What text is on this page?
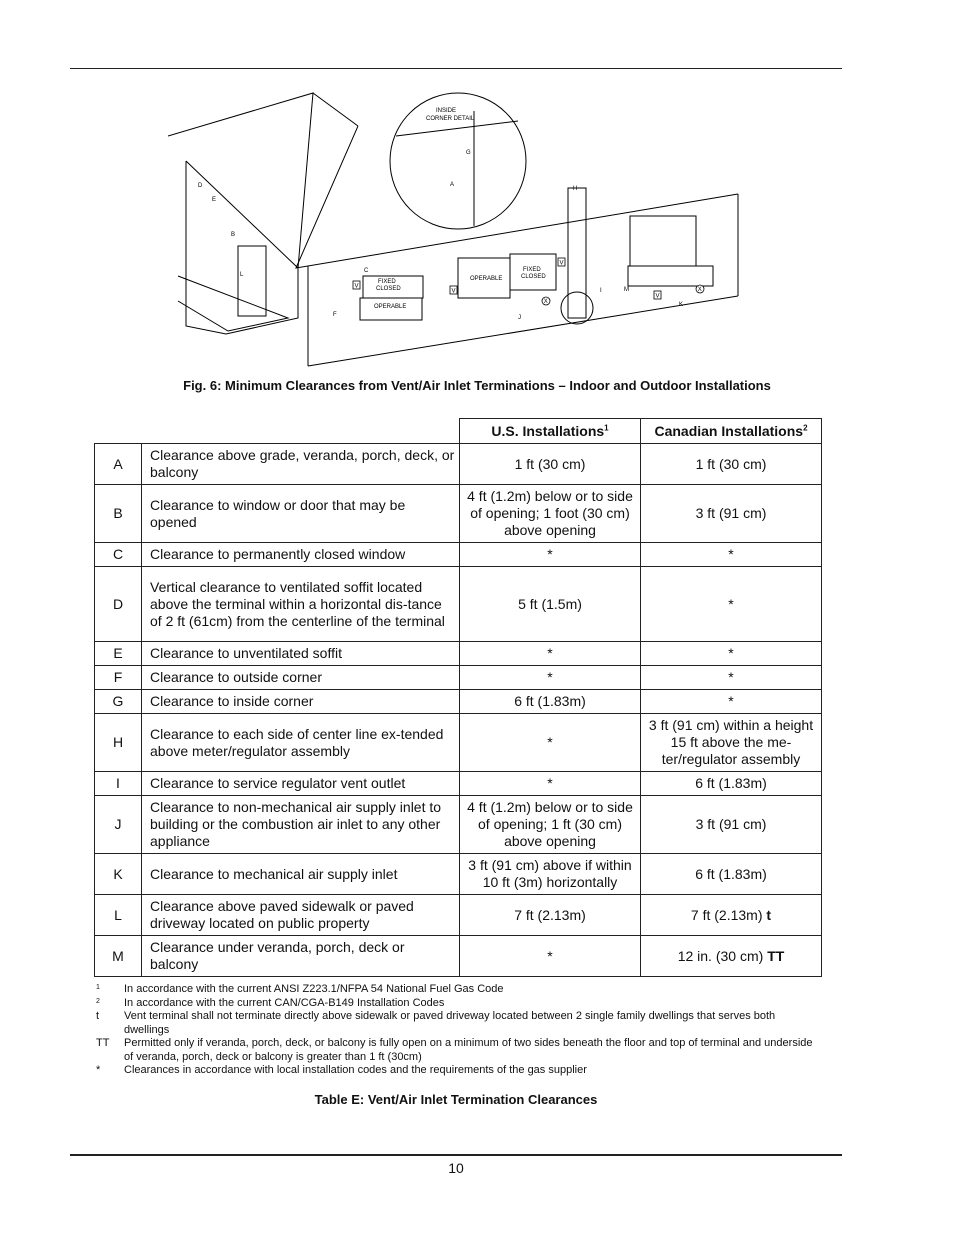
INSIDE
CORNER DETAIL
FIXED
CLOSED
OPERABLE
OPERABLE
FIXED
CLOSED
V
V
V
V
X
X
A
B
C
D
E
F
G
H
I
J
K
L
M
Fig. 6: Minimum Clearances from Vent/Air Inlet Terminations – Indoor and Outdoor Installations
		U.S. Installations$^1$	Canadian Installations$^2$
A	Clearance above grade, veranda, porch, deck, or balcony	1 ft (30 cm)	1 ft (30 cm)
B	Clearance to window or door that may be opened	4 ft (1.2m) below or to side of opening; 1 foot (30 cm) above opening	3 ft (91 cm)
C	Clearance to permanently closed window	*	*
D	Vertical clearance to ventilated soffit located above the terminal within a horizontal dis-tance of 2 ft (61cm) from the centerline of the terminal	5 ft (1.5m)	*
E	Clearance to unventilated soffit	*	*
F	Clearance to outside corner	*	*
G	Clearance to inside corner	6 ft (1.83m)	*
H	Clearance to each side of center line ex-tended above meter/regulator assembly	*	3 ft (91 cm) within a height 15 ft above the me-ter/regulator assembly
I	Clearance to service regulator vent outlet	*	6 ft (1.83m)
J	Clearance to non-mechanical air supply inlet to building or the combustion air inlet to any other appliance	4 ft (1.2m) below or to side of opening; 1 ft (30 cm) above opening	3 ft (91 cm)
K	Clearance to mechanical air supply inlet	3 ft (91 cm) above if within 10 ft (3m) horizontally	6 ft (1.83m)
L	Clearance above paved sidewalk or paved driveway located on public property	7 ft (2.13m)	7 ft (2.13m) t
M	Clearance under veranda, porch, deck or balcony	*	12 in. (30 cm) TT
1	In accordance with the current ANSI Z223.1/NFPA 54 National Fuel Gas Code
2	In accordance with the current CAN/CGA-B149 Installation Codes
t	Vent terminal shall not terminate directly above sidewalk or paved driveway located between 2 single family dwellings that serves both dwellings
TT	Permitted only if veranda, porch, deck, or balcony is fully open on a minimum of two sides beneath the floor and top of terminal and underside of veranda, porch, deck or balcony is greater than 1 ft (30cm)
*	Clearances in accordance with local installation codes and the requirements of the gas supplier
Table E: Vent/Air Inlet Termination Clearances
10
